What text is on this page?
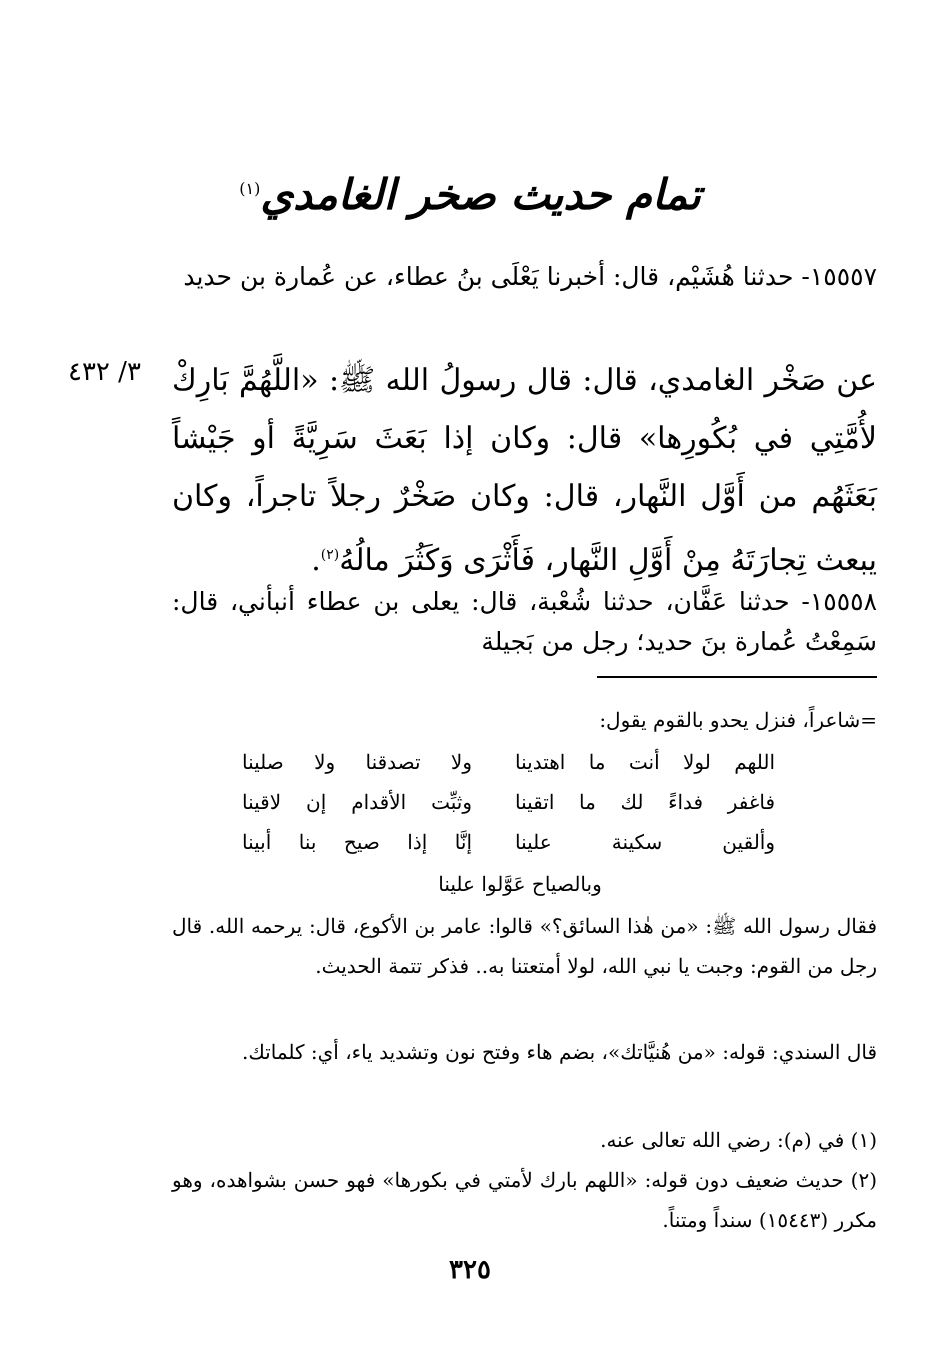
تمام حديث صخر الغامدي$^{(١)}$
١٥٥٥٧- حدثنا هُشَيْم، قال: أخبرنا يَعْلَى بنُ عطاء، عن عُمارة بن حديد
٣/ ٤٣٢ عن صَخْر الغامدي، قال: قال رسولُ الله ﷺ: «اللَّهُمَّ بَارِكْ لأُمَّتِي في بُكُورِها» قال: وكان إذا بَعَثَ سَرِيَّةً أو جَيْشاً بَعَثَهُم من أَوَّل النَّهار، قال: وكان صَخْرٌ رجلاً تاجراً، وكان يبعث تِجارَتَهُ مِنْ أَوَّلِ النَّهار، فَأَثْرَى وَكَثُرَ مالُهُ$^{(٢)}$.
١٥٥٥٨- حدثنا عَفَّان، حدثنا شُعْبة، قال: يعلى بن عطاء أنبأني، قال: سَمِعْتُ عُمارة بنَ حديد؛ رجل من بَجيلة
=شاعراً، فنزل يحدو بالقوم يقول:
اللهم لولا أنت ما اهتدينا
ولا تصدقنا ولا صلينا
فاغفر فداءً لك ما اتقينا
وثبِّت الأقدام إن لاقينا
وألقين سكينة علينا
إنَّا إذا صيح بنا أبينا
وبالصياح عَوَّلوا علينا
فقال رسول الله ﷺ: «من هٰذا السائق؟» قالوا: عامر بن الأكوع، قال: يرحمه الله. قال رجل من القوم: وجبت يا نبي الله، لولا أمتعتنا به.. فذكر تتمة الحديث.
قال السندي: قوله: «من هُنيَّاتك»، بضم هاء وفتح نون وتشديد ياء، أي: كلماتك.
(١) في (م): رضي الله تعالى عنه.
(٢) حديث ضعيف دون قوله: «اللهم بارك لأمتي في بكورها» فهو حسن بشواهده، وهو مكرر (١٥٤٤٣) سنداً ومتناً.
٣٢٥
